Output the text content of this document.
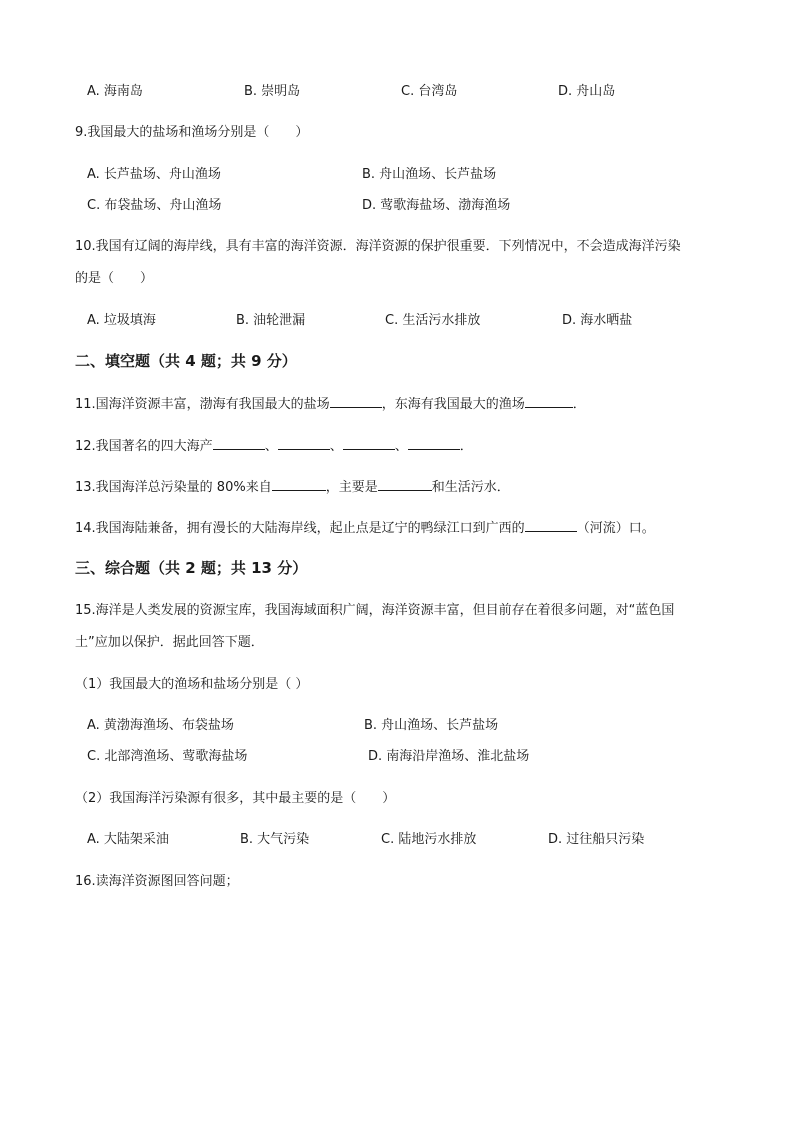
A. 海南岛	B. 崇明岛	C. 台湾岛	D. 舟山岛
9.我国最大的盐场和渔场分别是（　　）
A. 长芦盐场、舟山渔场	B. 舟山渔场、长芦盐场
C. 布袋盐场、舟山渔场	D. 莺歌海盐场、渤海渔场
10.我国有辽阔的海岸线，具有丰富的海洋资源．海洋资源的保护很重要．下列情况中，不会造成海洋污染
的是（　　）
A. 垃圾填海	B. 油轮泄漏	C. 生活污水排放	D. 海水晒盐
二、填空题（共 4 题；共 9 分）
11.国海洋资源丰富，渤海有我国最大的盐场	，东海有我国最大的渔场	．
12.我国著名的四大海产	、	、	、	．
13.我国海洋总污染量的 80%来自	，主要是	和生活污水．
14.我国海陆兼备，拥有漫长的大陆海岸线，起止点是辽宁的鸭绿江口到广西的	（河流）口。
三、综合题（共 2 题；共 13 分）
15.海洋是人类发展的资源宝库，我国海域面积广阔，海洋资源丰富，但目前存在着很多问题，对“蓝色国
土”应加以保护．据此回答下题．
（1）我国最大的渔场和盐场分别是（ ）
A. 黄渤海渔场、布袋盐场	B. 舟山渔场、长芦盐场
C. 北部湾渔场、莺歌海盐场	D. 南海沿岸渔场、淮北盐场
（2）我国海洋污染源有很多，其中最主要的是（　　）
A. 大陆架采油	B. 大气污染	C. 陆地污水排放	D. 过往船只污染
16.读海洋资源图回答问题；
